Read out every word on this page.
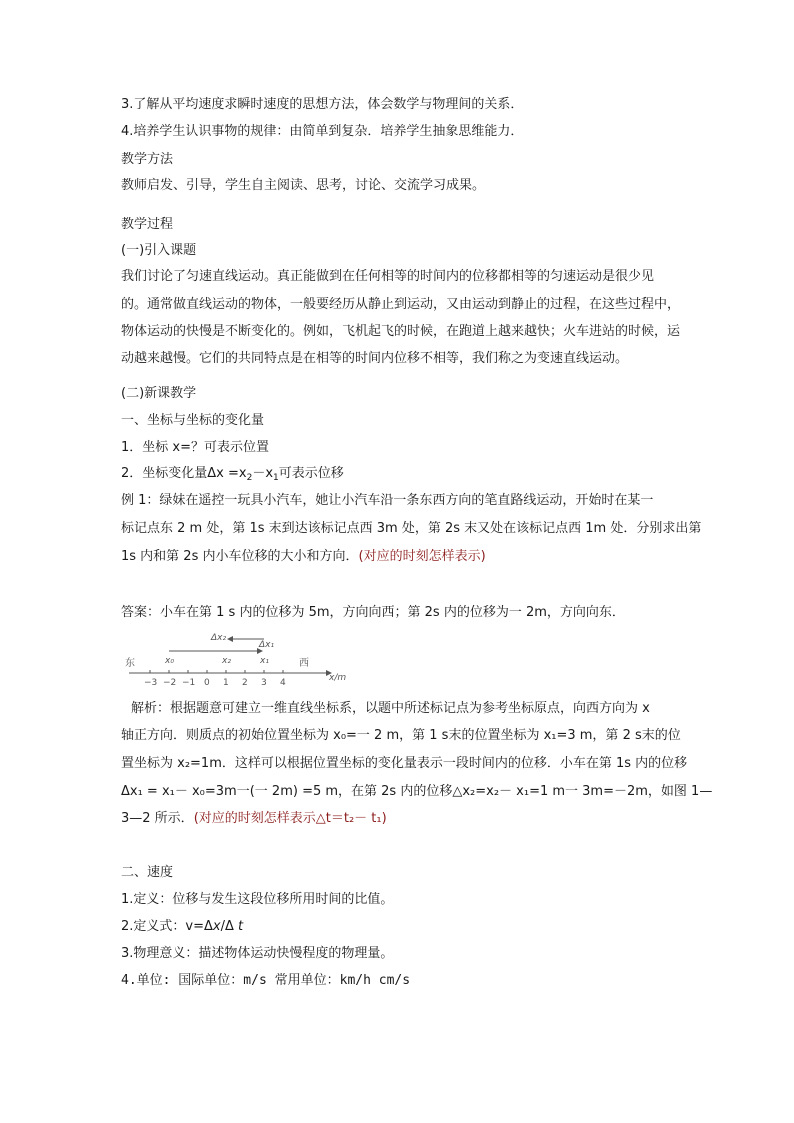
3.了解从平均速度求瞬时速度的思想方法，体会数学与物理间的关系．
4.培养学生认识事物的规律：由简单到复杂．培养学生抽象思维能力．
教学方法
教师启发、引导，学生自主阅读、思考，讨论、交流学习成果。
教学过程
(一)引入课题
我们讨论了匀速直线运动。真正能做到在任何相等的时间内的位移都相等的匀速运动是很少见
的。通常做直线运动的物体，一般要经历从静止到运动，又由运动到静止的过程，在这些过程中，
物体运动的快慢是不断变化的。例如，飞机起飞的时候，在跑道上越来越快；火车进站的时候，运
动越来越慢。它们的共同特点是在相等的时间内位移不相等，我们称之为变速直线运动。
(二)新课教学
一、坐标与坐标的变化量
1．坐标 x=？可表示位置
2．坐标变化量$\Delta x =x_2-x_1$可表示位移
例 1：绿妹在遥控一玩具小汽车，她让小汽车沿一条东西方向的笔直路线运动，开始时在某一
标记点东 2 m 处，第 1s 末到达该标记点西 3m 处，第 2s 末又处在该标记点西 1m 处．分别求出第
1s 内和第 2s 内小车位移的大小和方向．(对应的时刻怎样表示)
答案：小车在第 1 s 内的位移为 5m，方向向西；第 2s 内的位移为一 2m，方向向东．
东	西
x/m
−3 −2 −1 0 1 2 3 4
x₀	x₂	x₁
Δx₁
Δx₂
解析：根据题意可建立一维直线坐标系，以题中所述标记点为参考坐标原点，向西方向为 x
轴正方向．则质点的初始位置坐标为 x₀=一 2 m，第 1 s末的位置坐标为 x₁=3 m，第 2 s末的位
置坐标为 x₂=1m．这样可以根据位置坐标的变化量表示一段时间内的位移．小车在第 1s 内的位移
Δx₁ = x₁－ x₀=3m一(一 2m) =5 m，在第 2s 内的位移△x₂=x₂－ x₁=1 m一 3m=－2m，如图 1—
3—2 所示．(对应的时刻怎样表示△t＝t₂－ t₁)
二、速度
1.定义：位移与发生这段位移所用时间的比值。
2.定义式：v=Δx/Δ t
3.物理意义：描述物体运动快慢程度的物理量。
4.单位: 国际单位：m/s 常用单位：km/h cm/s
